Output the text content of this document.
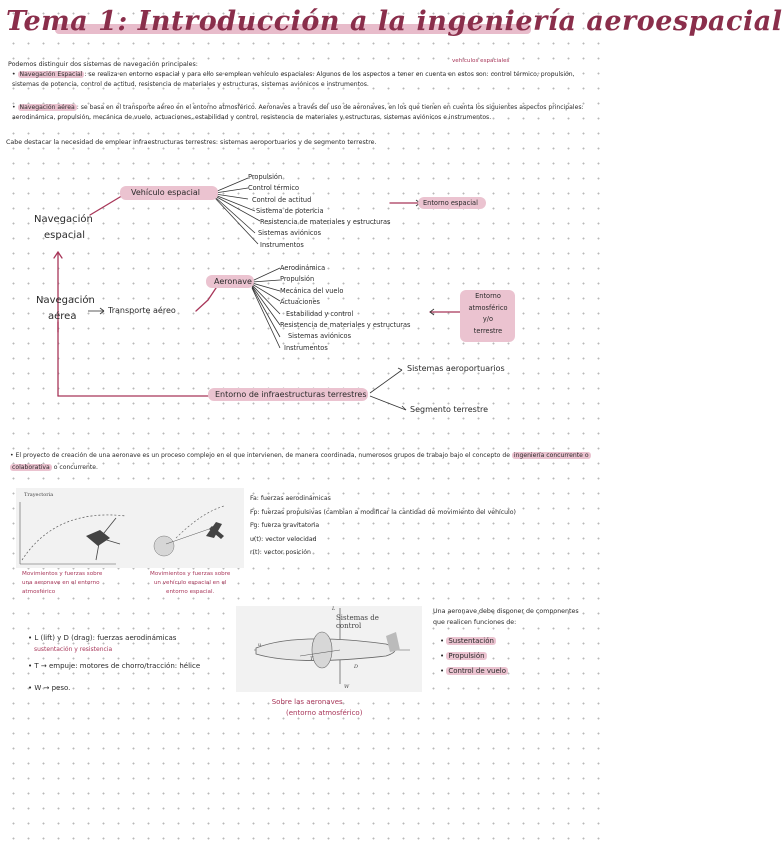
Tema 1: Introducción a la ingeniería aeroespacial
vehículos espaciales
Podemos distinguir dos sistemas de navegación principales:
• Navegación Espacial : se realiza en entorno espacial y para ello se emplean vehículo espaciales. Algunos de los aspectos a tener en cuenta en estos son: control térmico, propulsión, sistemas de potencia, control de actitud, resistencia de materiales y estructuras, sistemas aviónicos e instrumentos.
• Navegación aérea : se basa en el transporte aéreo en el entorno atmosférico. Aeronaves a través del uso de aeronaves, en los que tienen en cuenta los siguientes aspectos principales: aerodinámica, propulsión, mecánica de vuelo, actuaciones, estabilidad y control, resistencia de materiales y estructuras, sistemas aviónicos e instrumentos.
Cabe destacar la necesidad de emplear infraestructuras terrestres: sistemas aeroportuarios y de segmento terrestre.
Navegación
espacial
Vehículo espacial
Propulsión
Control térmico
Control de actitud
Sistema de potencia
Resistencia de materiales y estructuras
Sistemas aviónicos
Instrumentos
Entorno espacial
Navegación
aérea
Transporte aéreo
Aeronave
Aerodinámica
Propulsión
Mecánica del vuelo
Actuaciones
Estabilidad y control
Resistencia de materiales y estructuras
Sistemas aviónicos
Instrumentos
Entorno
atmosférico
y/o
terrestre
Entorno de infraestructuras terrestres
Sistemas aeroportuarios
Segmento terrestre
• El proyecto de creación de una aeronave es un proceso complejo en el que intervienen, de manera coordinada, numerosos grupos de trabajo bajo el concepto de ingeniería concurrente o colaborativa o concurrente.
Trayectoria
Movimientos y fuerzas sobre
una aeronave en el entorno
atmosférico
Movimientos y fuerzas sobre
un vehículo espacial en el
entorno espacial.
Fa: fuerzas aerodinámicas
Fp: fuerzas propulsivas (cambian a modificar la cantidad de movimiento del vehículo)
Fg: fuerza gravitatoria
u(t): vector velocidad
r(t): vector posición
• L (lift) y D (drag): fuerzas aerodinámicas
sustentación y resistencia
• T → empuje: motores de chorro/tracción: hélice
• W → peso.
Sistemas de control
L
T
D
W
u
Sobre las aeronaves
(entorno atmosférico)
Una aeronave debe disponer de componentes que realicen funciones de:
• Sustentación
• Propulsión
• Control de vuelo
